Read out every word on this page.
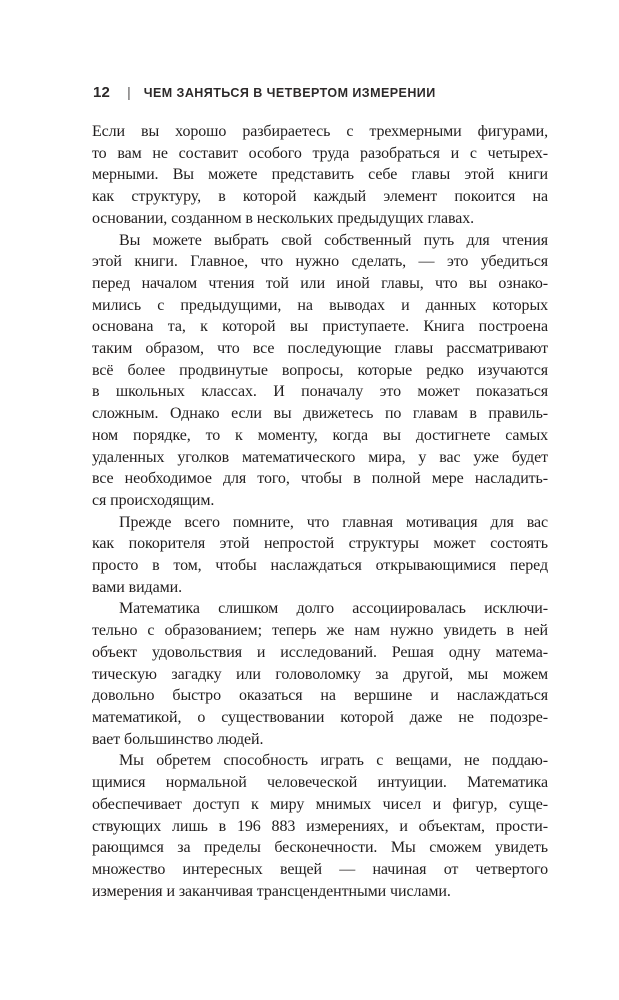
12 | ЧЕМ ЗАНЯТЬСЯ В ЧЕТВЕРТОМ ИЗМЕРЕНИИ
Если вы хорошо разбираетесь с трехмерными фигурами,
то вам не составит особого труда разобраться и с четырех-
мерными. Вы можете представить себе главы этой книги
как структуру, в которой каждый элемент покоится на
основании, созданном в нескольких предыдущих главах.
Вы можете выбрать свой собственный путь для чтения
этой книги. Главное, что нужно сделать, — это убедиться
перед началом чтения той или иной главы, что вы ознако-
мились с предыдущими, на выводах и данных которых
основана та, к которой вы приступаете. Книга построена
таким образом, что все последующие главы рассматривают
всё более продвинутые вопросы, которые редко изучаются
в школьных классах. И поначалу это может показаться
сложным. Однако если вы движетесь по главам в правиль-
ном порядке, то к моменту, когда вы достигнете самых
удаленных уголков математического мира, у вас уже будет
все необходимое для того, чтобы в полной мере насладить-
ся происходящим.
Прежде всего помните, что главная мотивация для вас
как покорителя этой непростой структуры может состоять
просто в том, чтобы наслаждаться открывающимися перед
вами видами.
Математика слишком долго ассоциировалась исключи-
тельно с образованием; теперь же нам нужно увидеть в ней
объект удовольствия и исследований. Решая одну матема-
тическую загадку или головоломку за другой, мы можем
довольно быстро оказаться на вершине и наслаждаться
математикой, о существовании которой даже не подозре-
вает большинство людей.
Мы обретем способность играть с вещами, не поддаю-
щимися нормальной человеческой интуиции. Математика
обеспечивает доступ к миру мнимых чисел и фигур, суще-
ствующих лишь в 196 883 измерениях, и объектам, прости-
рающимся за пределы бесконечности. Мы сможем увидеть
множество интересных вещей — начиная от четвертого
измерения и заканчивая трансцендентными числами.
